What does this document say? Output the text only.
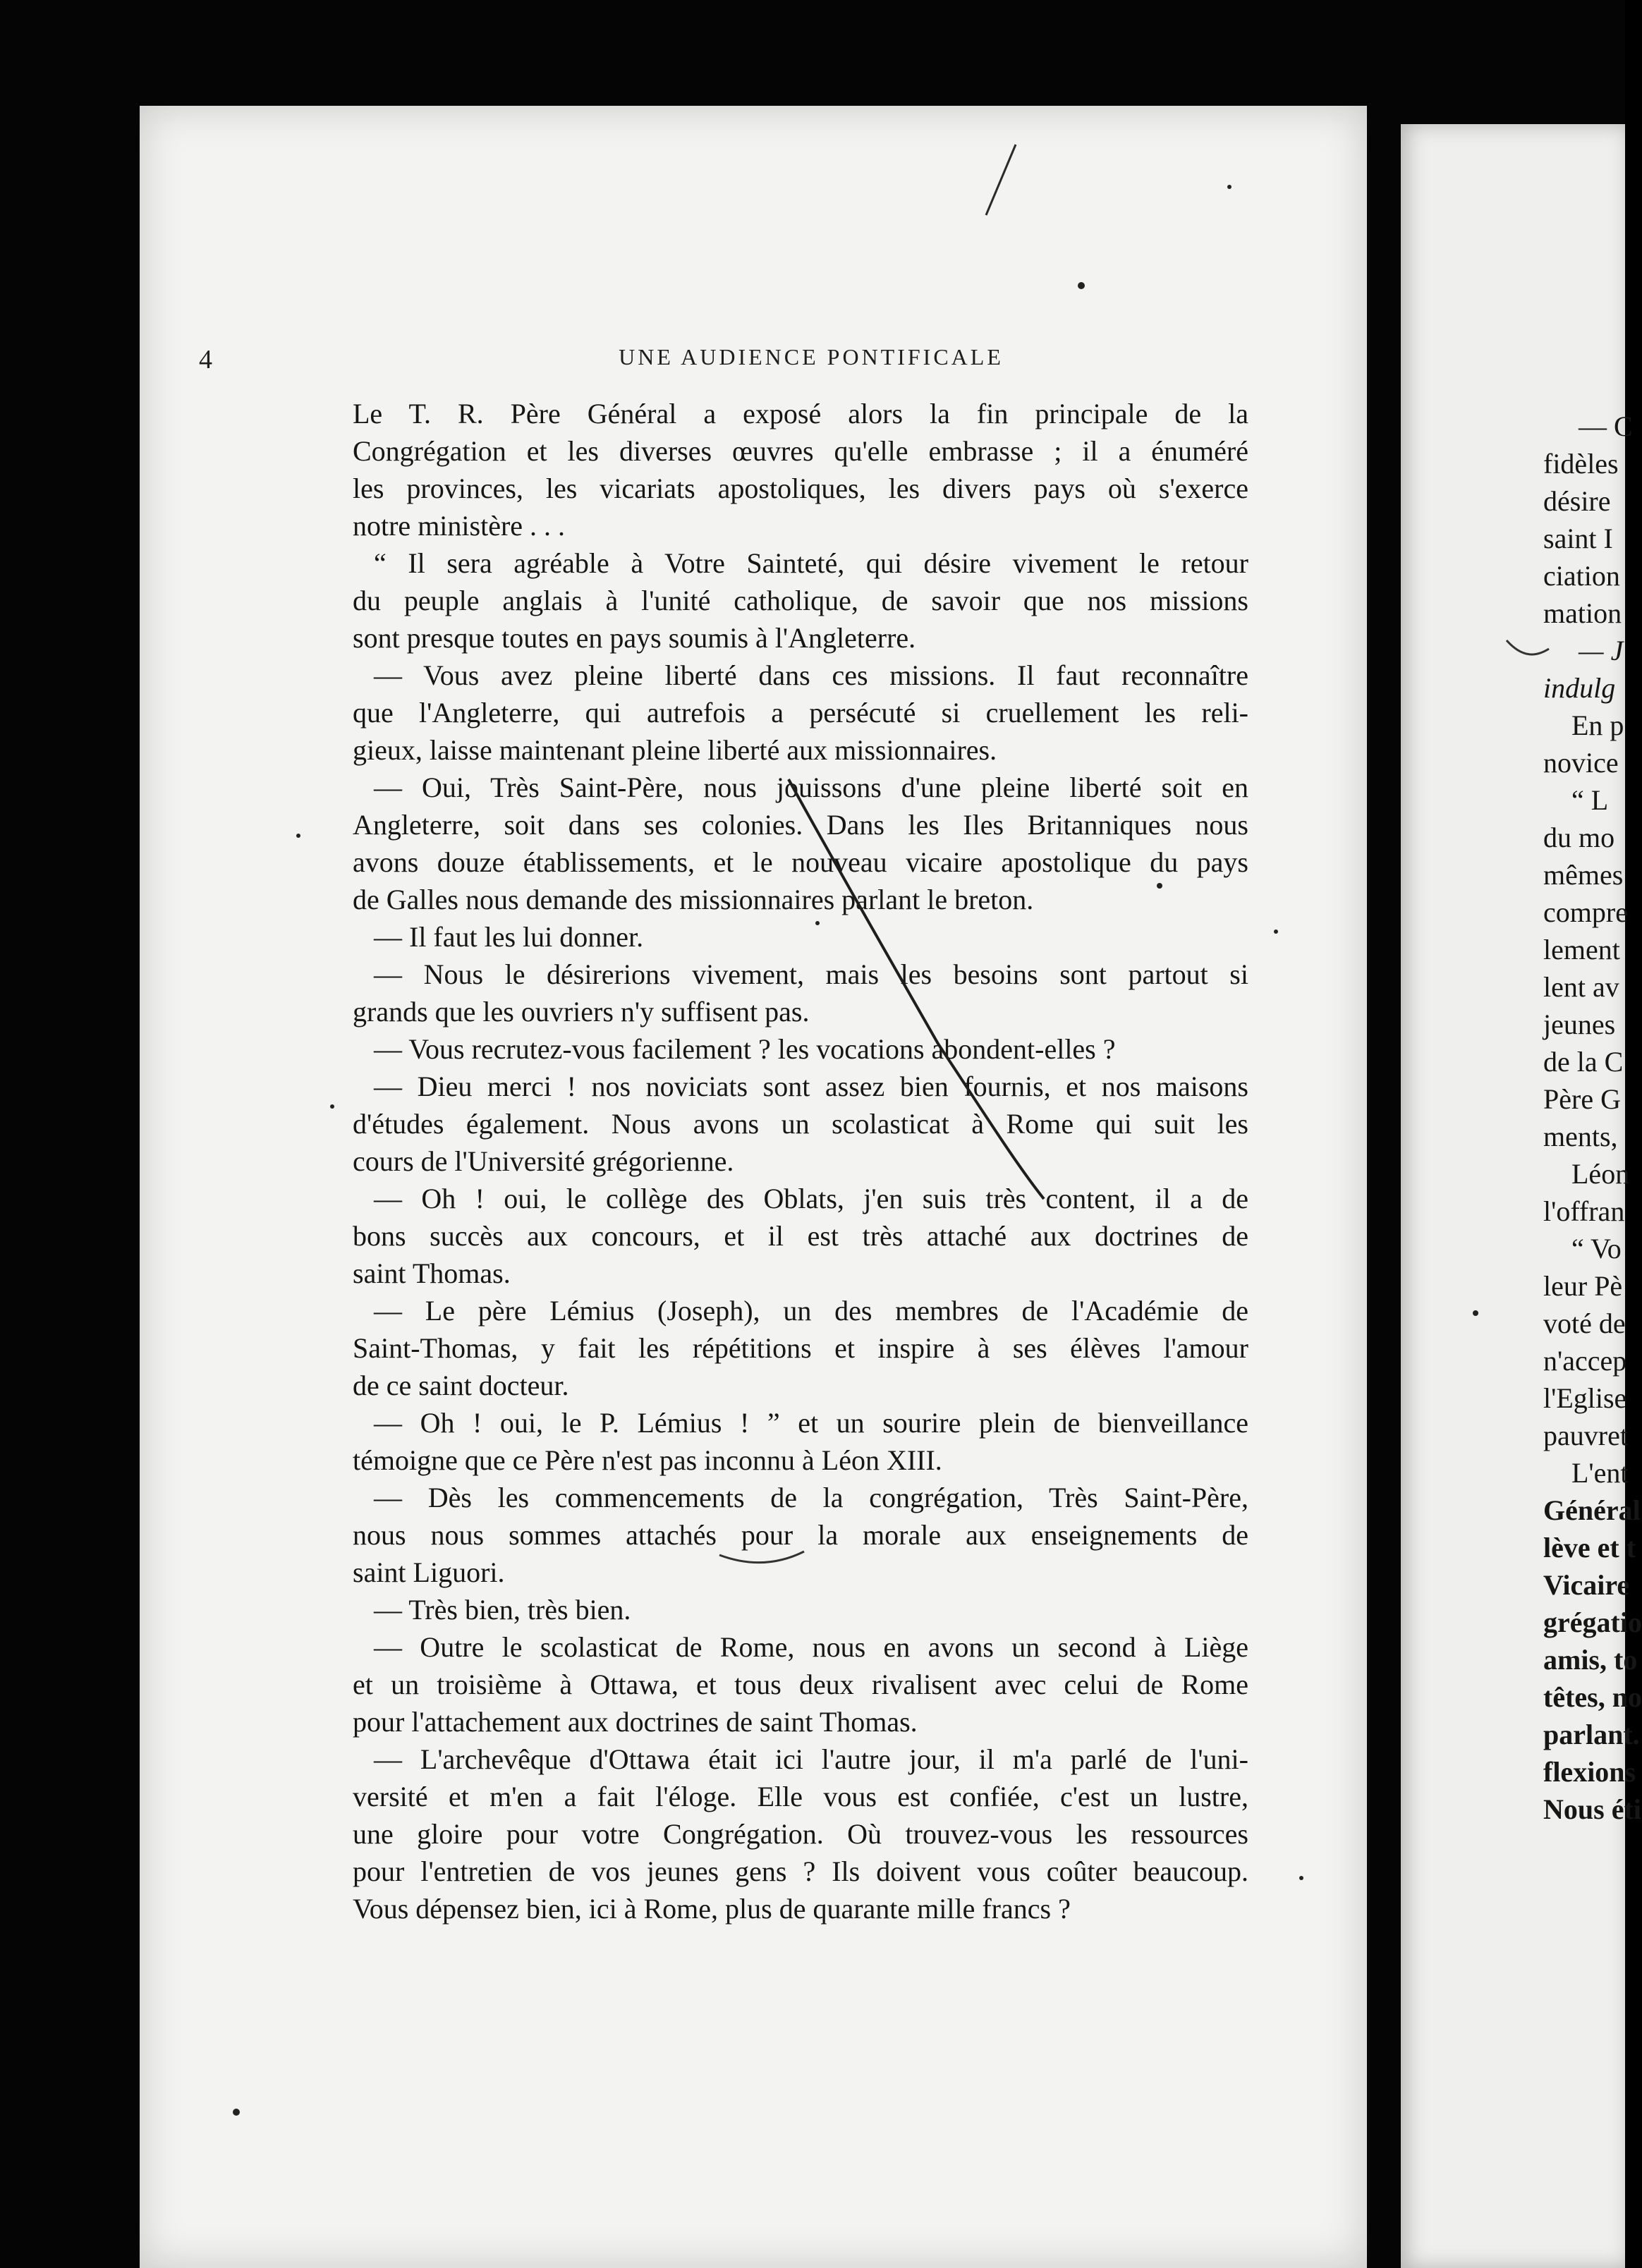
4	UNE AUDIENCE PONTIFICALE
Le T. R. Père Général a exposé alors la fin principale de la
Congrégation et les diverses œuvres qu'elle embrasse ; il a énuméré
les provinces, les vicariats apostoliques, les divers pays où s'exerce
notre ministère . . .
“ Il sera agréable à Votre Sainteté, qui désire vivement le retour
du peuple anglais à l'unité catholique, de savoir que nos missions
sont presque toutes en pays soumis à l'Angleterre.
— Vous avez pleine liberté dans ces missions. Il faut reconnaître
que l'Angleterre, qui autrefois a persécuté si cruellement les reli-
gieux, laisse maintenant pleine liberté aux missionnaires.
— Oui, Très Saint-Père, nous jouissons d'une pleine liberté soit en
Angleterre, soit dans ses colonies. Dans les Iles Britanniques nous
avons douze établissements, et le nouveau vicaire apostolique du pays
de Galles nous demande des missionnaires parlant le breton.
— Il faut les lui donner.
— Nous le désirerions vivement, mais les besoins sont partout si
grands que les ouvriers n'y suffisent pas.
— Vous recrutez-vous facilement ? les vocations abondent-elles ?
— Dieu merci ! nos noviciats sont assez bien fournis, et nos maisons
d'études également. Nous avons un scolasticat à Rome qui suit les
cours de l'Université grégorienne.
— Oh ! oui, le collège des Oblats, j'en suis très content, il a de
bons succès aux concours, et il est très attaché aux doctrines de
saint Thomas.
— Le père Lémius (Joseph), un des membres de l'Académie de
Saint-Thomas, y fait les répétitions et inspire à ses élèves l'amour
de ce saint docteur.
— Oh ! oui, le P. Lémius ! ” et un sourire plein de bienveillance
témoigne que ce Père n'est pas inconnu à Léon XIII.
— Dès les commencements de la congrégation, Très Saint-Père,
nous nous sommes attachés pour la morale aux enseignements de
saint Liguori.
— Très bien, très bien.
— Outre le scolasticat de Rome, nous en avons un second à Liège
et un troisième à Ottawa, et tous deux rivalisent avec celui de Rome
pour l'attachement aux doctrines de saint Thomas.
— L'archevêque d'Ottawa était ici l'autre jour, il m'a parlé de l'uni-
versité et m'en a fait l'éloge. Elle vous est confiée, c'est un lustre,
une gloire pour votre Congrégation. Où trouvez-vous les ressources
pour l'entretien de vos jeunes gens ? Ils doivent vous coûter beaucoup.
Vous dépensez bien, ici à Rome, plus de quarante mille francs ?
— C
fidèles
désire
saint I
ciation
mation
— J
indulg
En p
novice
“ L
du mo
mêmes
compre
lement
lent av
jeunes
de la C
Père G
ments,
Léon
l'offran
“ Vo
leur Pè
voté de
n'accep
l'Eglise
pauvret
L'ent
Général
lève et t
Vicaire
grégatio
amis, to
têtes, no
parlant.
flexions
Nous éti
